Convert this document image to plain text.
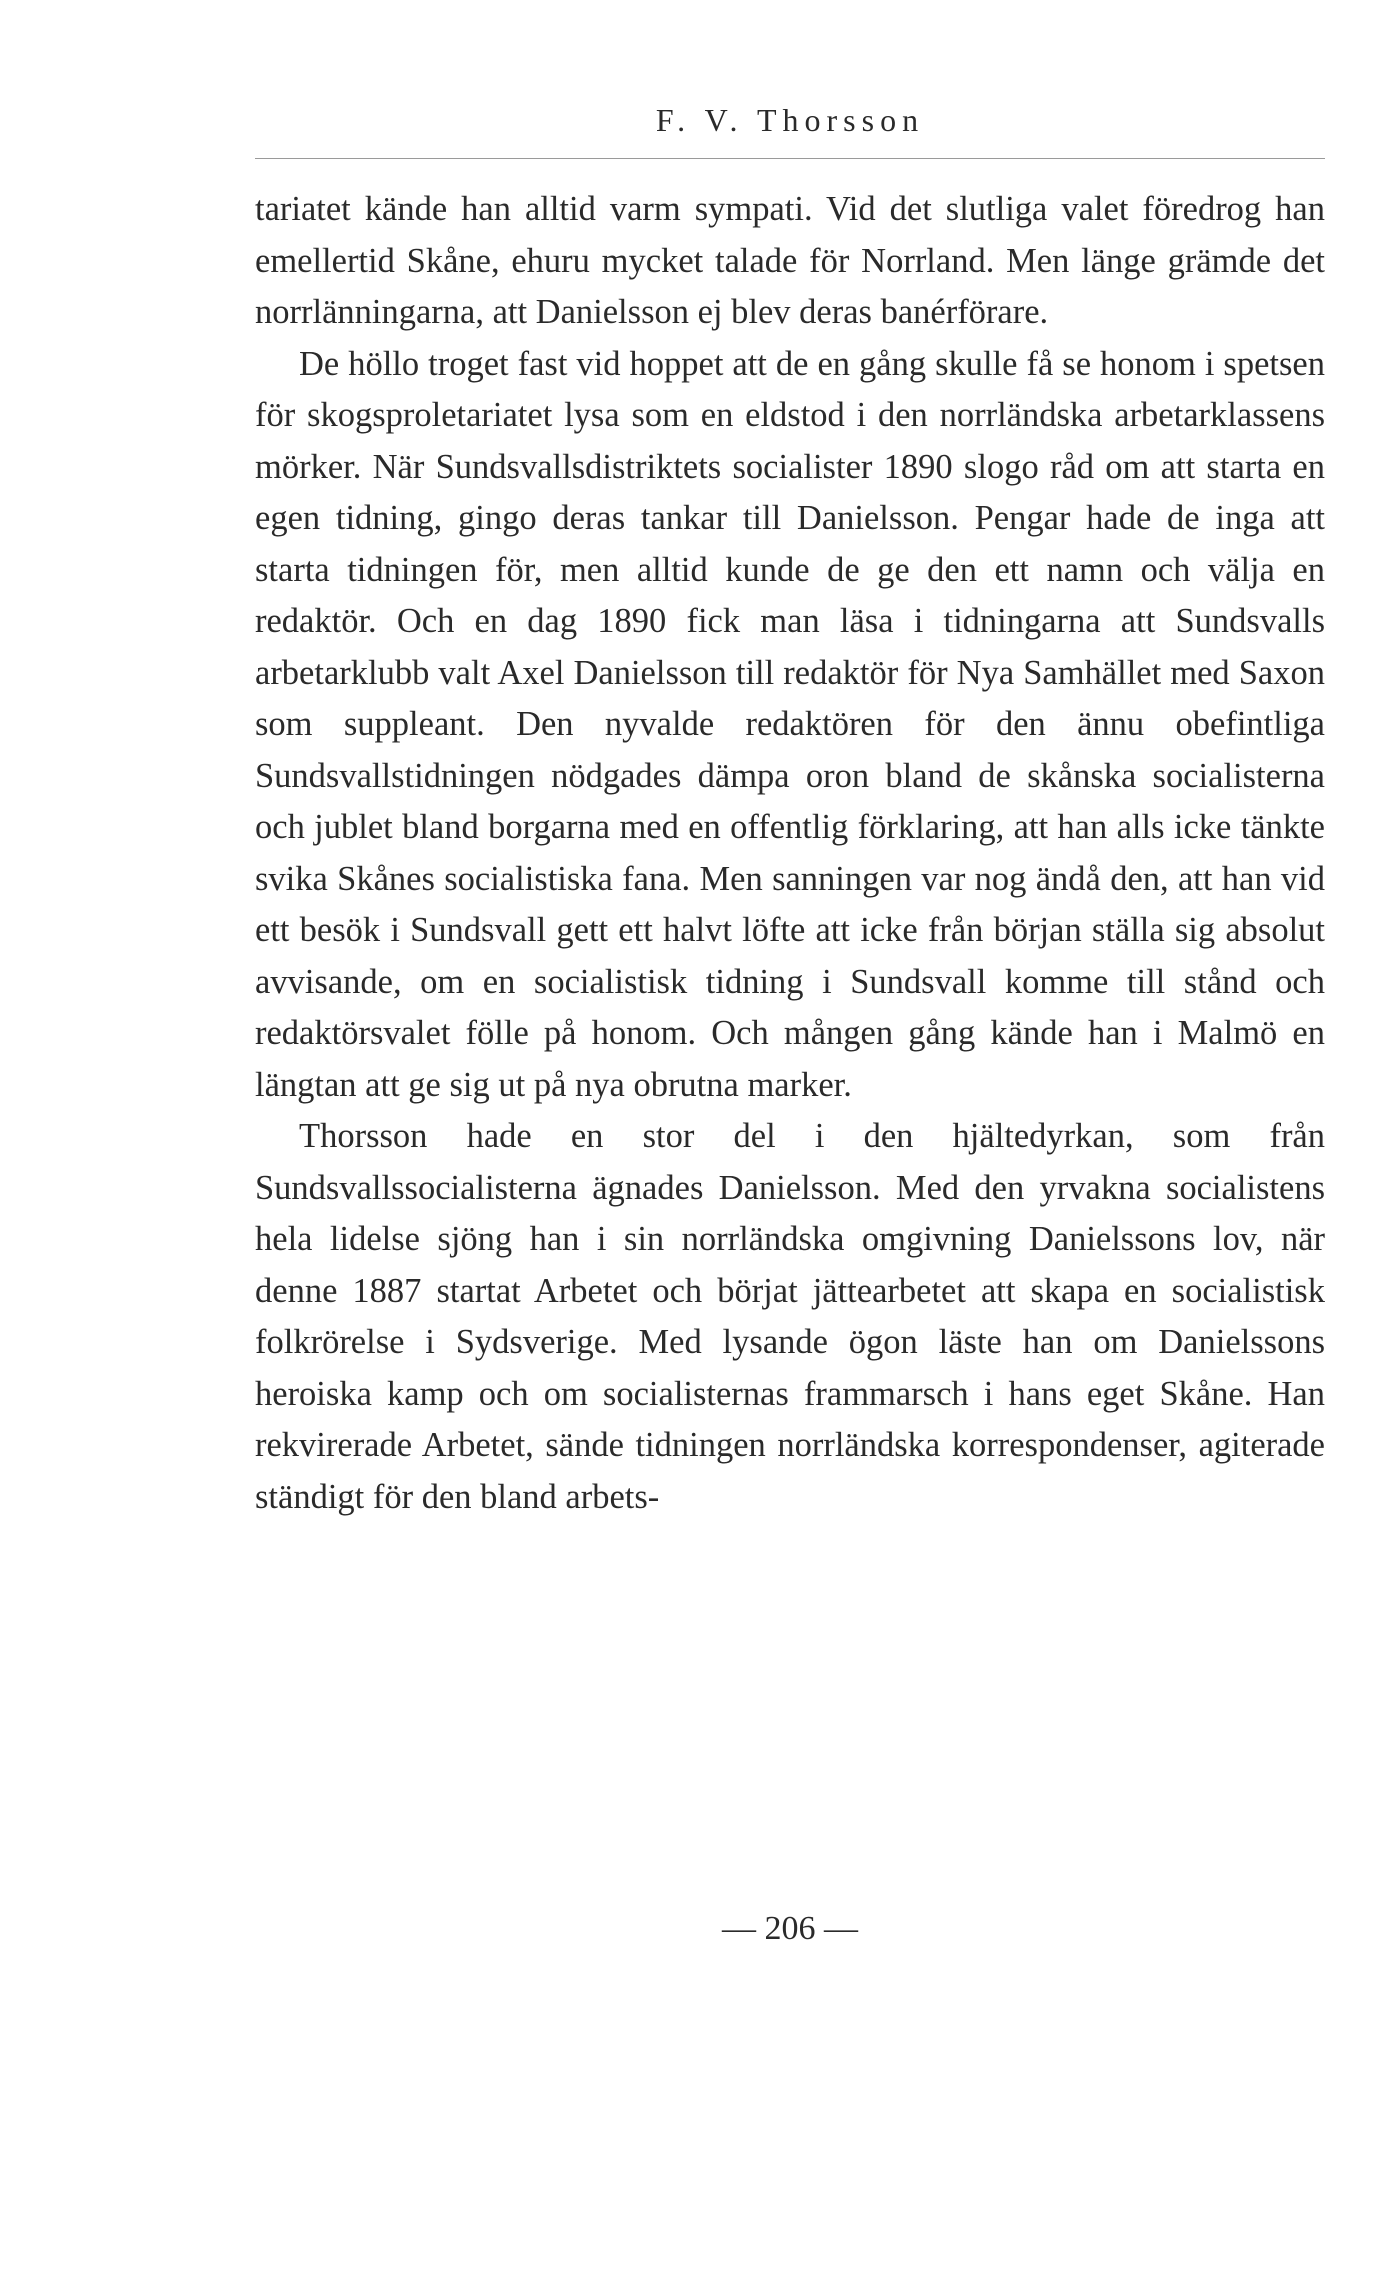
F. V. Thorsson

tariatet kände han alltid varm sympati. Vid det slutliga valet föredrog han emellertid Skåne, ehuru mycket talade för Norrland. Men länge grämde det norrlänningarna, att Danielsson ej blev deras banérförare.

De höllo troget fast vid hoppet att de en gång skulle få se honom i spetsen för skogsproletariatet lysa som en eldstod i den norrländska arbetarklassens mörker. När Sundsvallsdistriktets socialister 1890 slogo råd om att starta en egen tidning, gingo deras tankar till Danielsson. Pengar hade de inga att starta tidningen för, men alltid kunde de ge den ett namn och välja en redaktör. Och en dag 1890 fick man läsa i tidningarna att Sundsvalls arbetarklubb valt Axel Danielsson till redaktör för Nya Samhället med Saxon som suppleant. Den nyvalde redaktören för den ännu obefintliga Sundsvallstidningen nödgades dämpa oron bland de skånska socialisterna och jublet bland borgarna med en offentlig förklaring, att han alls icke tänkte svika Skånes socialistiska fana. Men sanningen var nog ändå den, att han vid ett besök i Sundsvall gett ett halvt löfte att icke från början ställa sig absolut avvisande, om en socialistisk tidning i Sundsvall komme till stånd och redaktörsvalet fölle på honom. Och mången gång kände han i Malmö en längtan att ge sig ut på nya obrutna marker.

Thorsson hade en stor del i den hjältedyrkan, som från Sundsvallssocialisterna ägnades Danielsson. Med den yrvakna socialistens hela lidelse sjöng han i sin norrländska omgivning Danielssons lov, när denne 1887 startat Arbetet och börjat jättearbetet att skapa en socialistisk folkrörelse i Sydsverige. Med lysande ögon läste han om Danielssons heroiska kamp och om socialisternas frammarsch i hans eget Skåne. Han rekvirerade Arbetet, sände tidningen norrländska korrespondenser, agiterade ständigt för den bland arbets-

— 206 —
